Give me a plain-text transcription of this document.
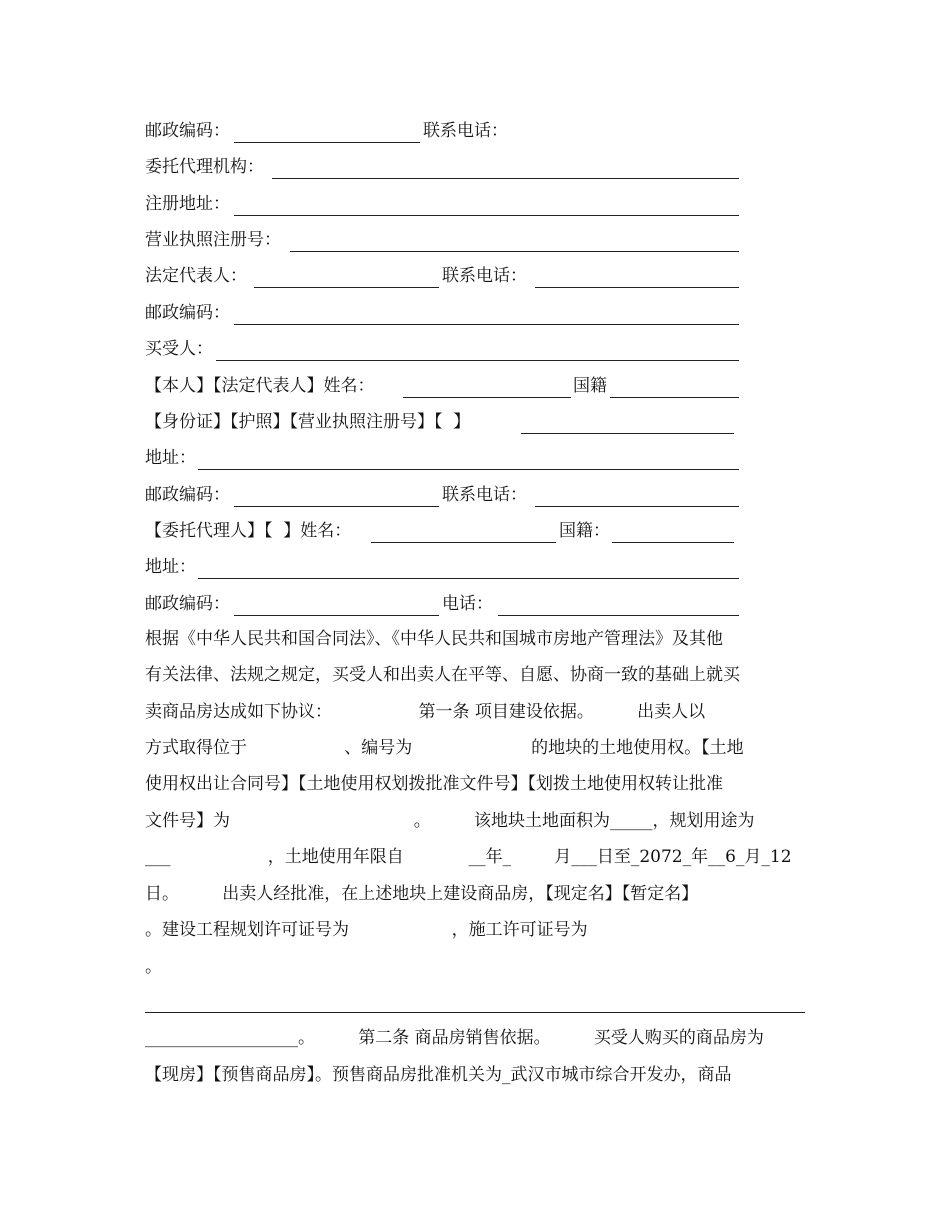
邮政编码：	联系电话：
委托代理机构：
注册地址：
营业执照注册号：
法定代表人：	联系电话：
邮政编码：
买受人：
【本人】【法定代表人】姓名：	国籍
【身份证】【护照】【营业执照注册号】【  】
地址：
邮政编码：	联系电话：
【委托代理人】【  】姓名：	国籍：
地址：
邮政编码：	电话：
根据《中华人民共和国合同法》、《中华人民共和国城市房地产管理法》及其他
有关法律、法规之规定，买受人和出卖人在平等、自愿、协商一致的基础上就买
卖商品房达成如下协议：                第一条 项目建设依据。        出卖人以
方式取得位于                  、编号为                      的地块的土地使用权。【土地
使用权出让合同号】【土地使用权划拨批准文件号】【划拨土地使用权转让批准
文件号】为                                  。        该地块土地面积为_____，规划用途为
___                  ，土地使用年限自            __年_        月___日至_2072_年__6_月_12
日。        出卖人经批准，在上述地块上建设商品房，【现定名】【暂定名】
。建设工程规划许可证号为                   ，施工许可证号为
。
__________________。        第二条 商品房销售依据。        买受人购买的商品房为
【现房】【预售商品房】。预售商品房批准机关为_武汉市城市综合开发办，商品
